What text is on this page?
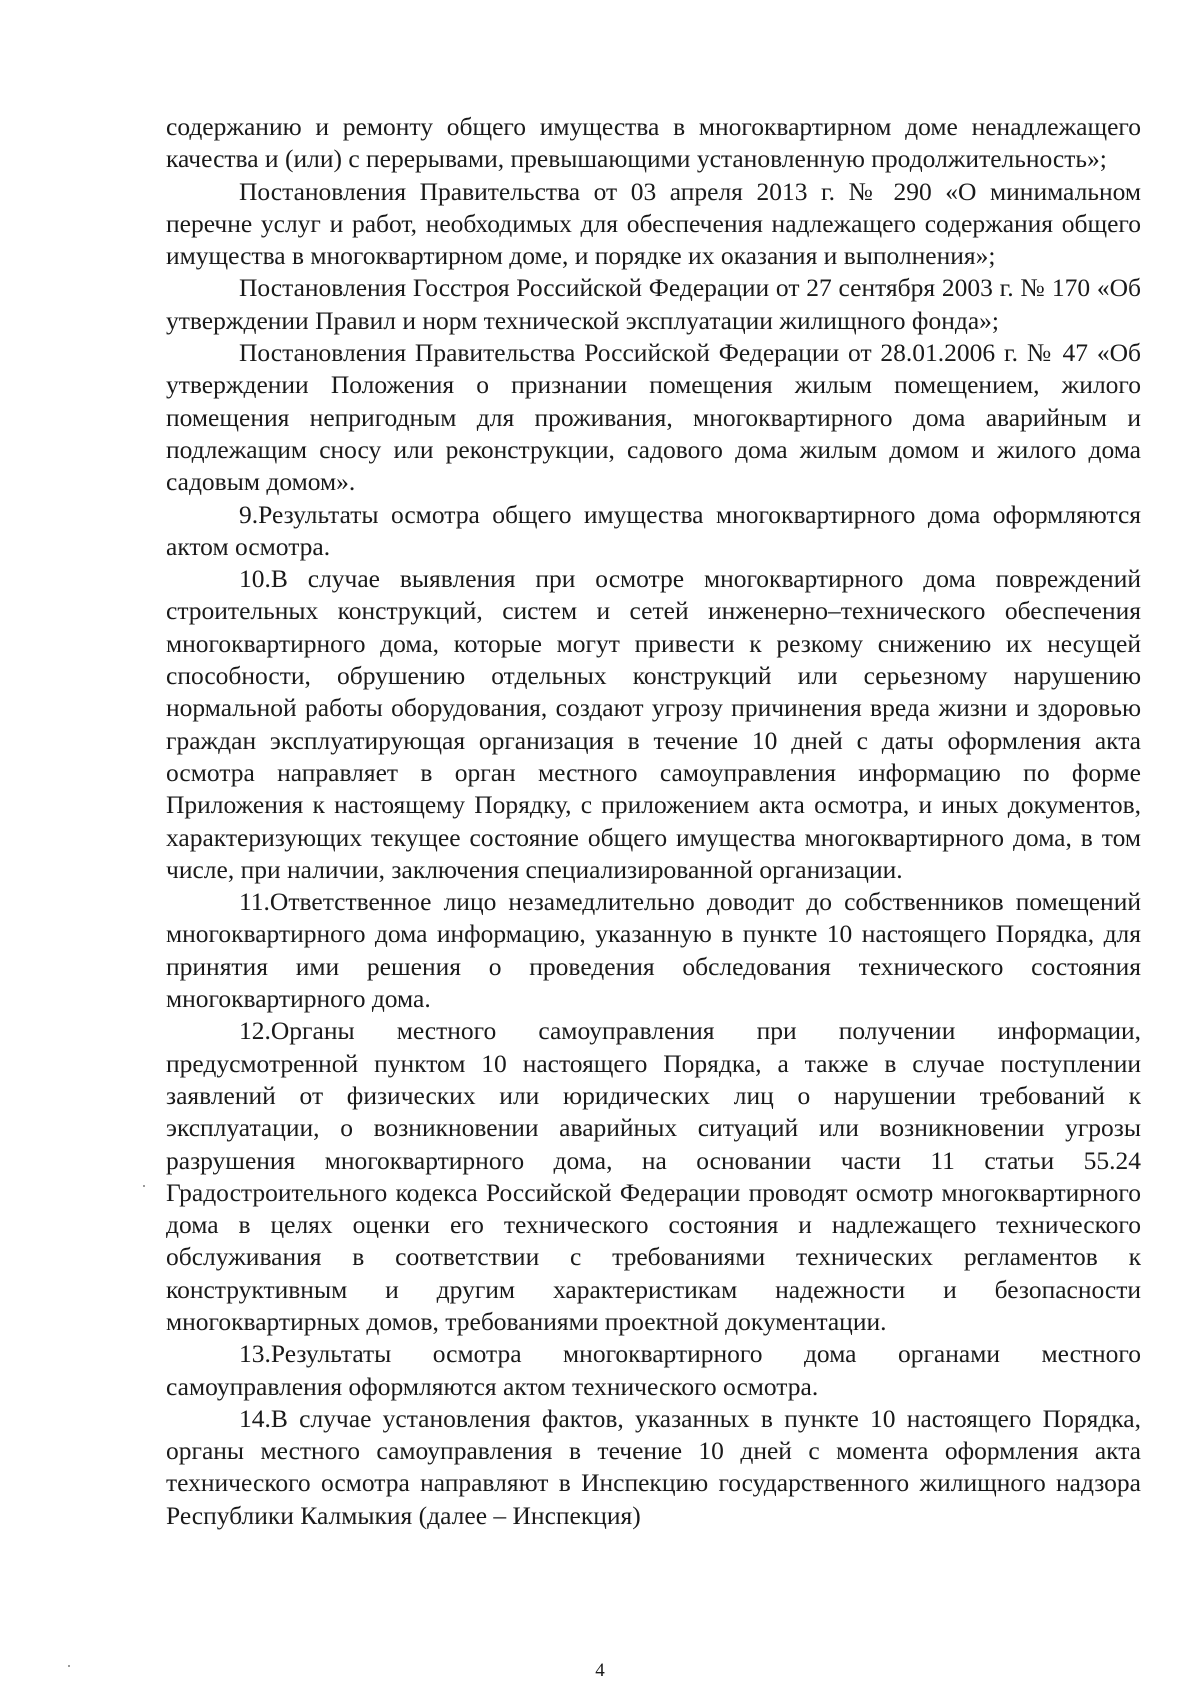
содержанию и ремонту общего имущества в многоквартирном доме ненадлежащего качества и (или) с перерывами, превышающими установленную продолжительность»;

Постановления Правительства от 03 апреля 2013 г. № 290 «О минимальном перечне услуг и работ, необходимых для обеспечения надлежащего содержания общего имущества в многоквартирном доме, и порядке их оказания и выполнения»;

Постановления Госстроя Российской Федерации от 27 сентября 2003 г. № 170 «Об утверждении Правил и норм технической эксплуатации жилищного фонда»;

Постановления Правительства Российской Федерации от 28.01.2006 г. № 47 «Об утверждении Положения о признании помещения жилым помещением, жилого помещения непригодным для проживания, многоквартирного дома аварийным и подлежащим сносу или реконструкции, садового дома жилым домом и жилого дома садовым домом».

9.Результаты осмотра общего имущества многоквартирного дома оформляются актом осмотра.

10.В случае выявления при осмотре многоквартирного дома повреждений строительных конструкций, систем и сетей инженерно–технического обеспечения многоквартирного дома, которые могут привести к резкому снижению их несущей способности, обрушению отдельных конструкций или серьезному нарушению нормальной работы оборудования, создают угрозу причинения вреда жизни и здоровью граждан эксплуатирующая организация в течение 10 дней с даты оформления акта осмотра направляет в орган местного самоуправления информацию по форме Приложения к настоящему Порядку, с приложением акта осмотра, и иных документов, характеризующих текущее состояние общего имущества многоквартирного дома, в том числе, при наличии, заключения специализированной организации.

11.Ответственное лицо незамедлительно доводит до собственников помещений многоквартирного дома информацию, указанную в пункте 10 настоящего Порядка, для принятия ими решения о проведения обследования технического состояния многоквартирного дома.

12.Органы местного самоуправления при получении информации, предусмотренной пунктом 10 настоящего Порядка, а также в случае поступлении заявлений от физических или юридических лиц о нарушении требований к эксплуатации, о возникновении аварийных ситуаций или возникновении угрозы разрушения многоквартирного дома, на основании части 11 статьи 55.24 Градостроительного кодекса Российской Федерации проводят осмотр многоквартирного дома в целях оценки его технического состояния и надлежащего технического обслуживания в соответствии с требованиями технических регламентов к конструктивным и другим характеристикам надежности и безопасности многоквартирных домов, требованиями проектной документации.

13.Результаты осмотра многоквартирного дома органами местного самоуправления оформляются актом технического осмотра.

14.В случае установления фактов, указанных в пункте 10 настоящего Порядка, органы местного самоуправления в течение 10 дней с момента оформления акта технического осмотра направляют в Инспекцию государственного жилищного надзора Республики Калмыкия (далее – Инспекция)

4
